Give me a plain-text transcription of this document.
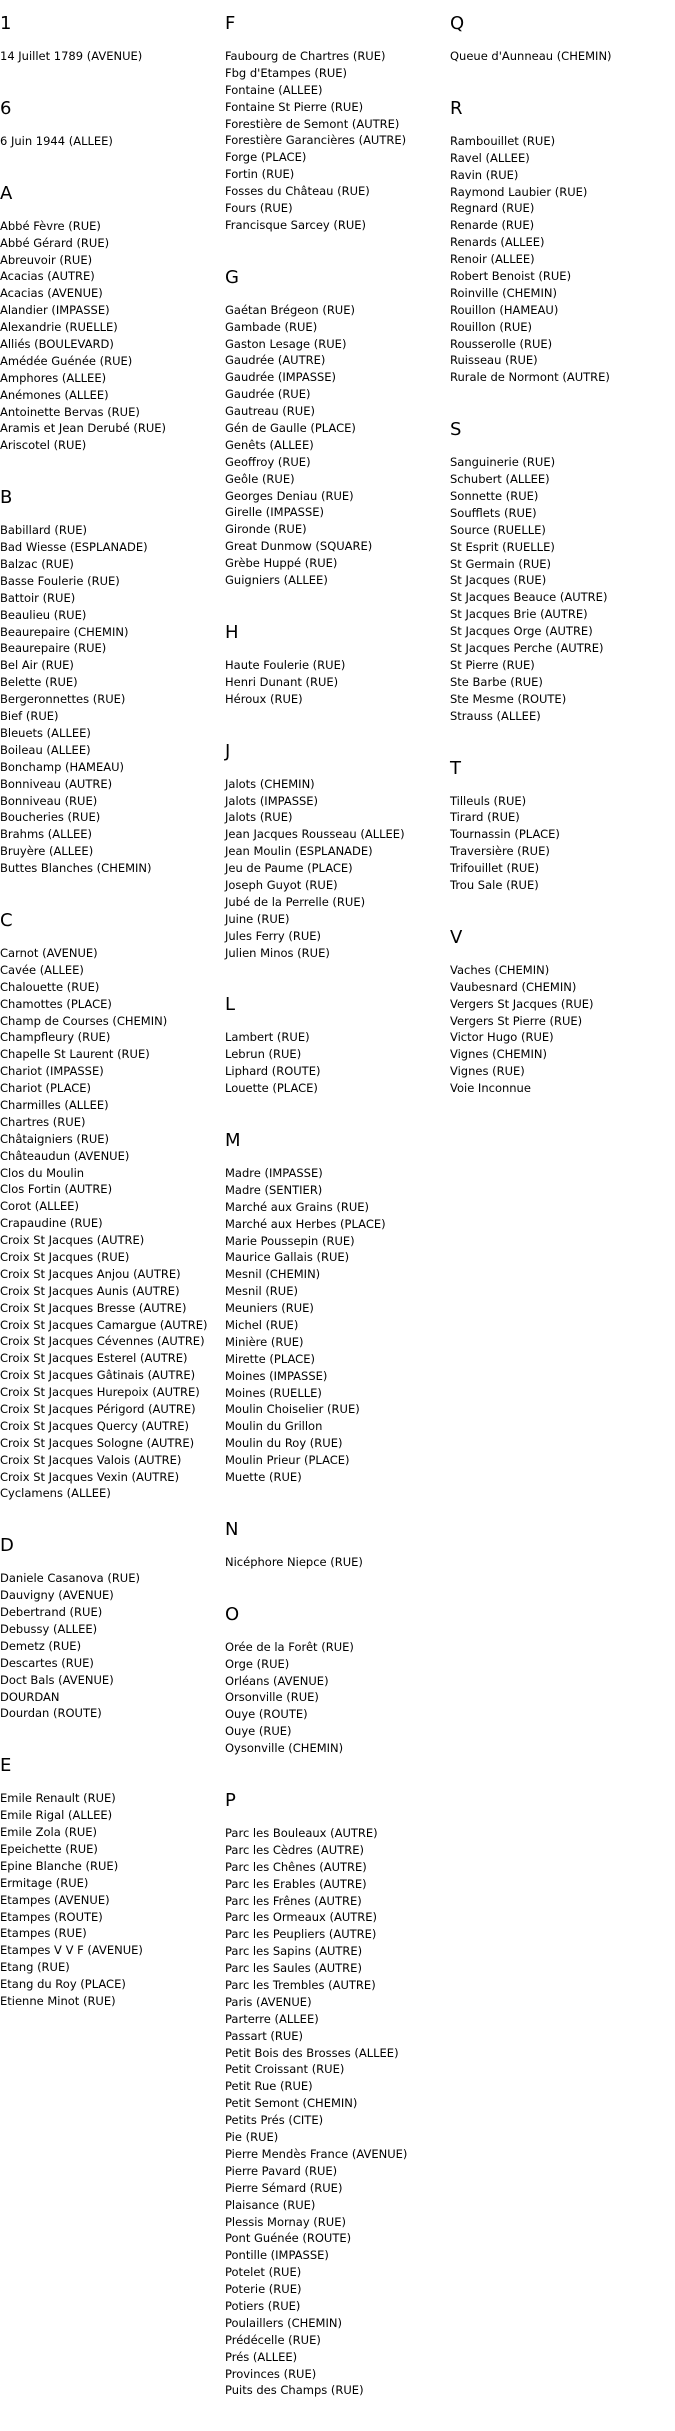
1
14 Juillet 1789 (AVENUE)
6
6 Juin 1944 (ALLEE)
A
Abbé Fèvre (RUE)
Abbé Gérard (RUE)
Abreuvoir (RUE)
Acacias (AUTRE)
Acacias (AVENUE)
Alandier (IMPASSE)
Alexandrie (RUELLE)
Alliés (BOULEVARD)
Amédée Guénée (RUE)
Amphores (ALLEE)
Anémones (ALLEE)
Antoinette Bervas (RUE)
Aramis et Jean Derubé (RUE)
Ariscotel (RUE)
B
Babillard (RUE)
Bad Wiesse (ESPLANADE)
Balzac (RUE)
Basse Foulerie (RUE)
Battoir (RUE)
Beaulieu (RUE)
Beaurepaire (CHEMIN)
Beaurepaire (RUE)
Bel Air (RUE)
Belette (RUE)
Bergeronnettes (RUE)
Bief (RUE)
Bleuets (ALLEE)
Boileau (ALLEE)
Bonchamp (HAMEAU)
Bonniveau (AUTRE)
Bonniveau (RUE)
Boucheries (RUE)
Brahms (ALLEE)
Bruyère (ALLEE)
Buttes Blanches (CHEMIN)
C
Carnot (AVENUE)
Cavée (ALLEE)
Chalouette (RUE)
Chamottes (PLACE)
Champ de Courses (CHEMIN)
Champfleury (RUE)
Chapelle St Laurent (RUE)
Chariot (IMPASSE)
Chariot (PLACE)
Charmilles (ALLEE)
Chartres (RUE)
Châtaigniers (RUE)
Châteaudun (AVENUE)
Clos du Moulin
Clos Fortin (AUTRE)
Corot (ALLEE)
Crapaudine (RUE)
Croix St Jacques (AUTRE)
Croix St Jacques (RUE)
Croix St Jacques Anjou (AUTRE)
Croix St Jacques Aunis (AUTRE)
Croix St Jacques Bresse (AUTRE)
Croix St Jacques Camargue (AUTRE)
Croix St Jacques Cévennes (AUTRE)
Croix St Jacques Esterel (AUTRE)
Croix St Jacques Gâtinais (AUTRE)
Croix St Jacques Hurepoix (AUTRE)
Croix St Jacques Périgord (AUTRE)
Croix St Jacques Quercy (AUTRE)
Croix St Jacques Sologne (AUTRE)
Croix St Jacques Valois (AUTRE)
Croix St Jacques Vexin (AUTRE)
Cyclamens (ALLEE)
D
Daniele Casanova (RUE)
Dauvigny (AVENUE)
Debertrand (RUE)
Debussy (ALLEE)
Demetz (RUE)
Descartes (RUE)
Doct Bals (AVENUE)
DOURDAN
Dourdan (ROUTE)
E
Emile Renault (RUE)
Emile Rigal (ALLEE)
Emile Zola (RUE)
Epeichette (RUE)
Epine Blanche (RUE)
Ermitage (RUE)
Etampes (AVENUE)
Etampes (ROUTE)
Etampes (RUE)
Etampes V V F (AVENUE)
Etang (RUE)
Etang du Roy (PLACE)
Etienne Minot (RUE)
F
Faubourg de Chartres (RUE)
Fbg d'Etampes (RUE)
Fontaine (ALLEE)
Fontaine St Pierre (RUE)
Forestière de Semont (AUTRE)
Forestière Garancières (AUTRE)
Forge (PLACE)
Fortin (RUE)
Fosses du Château (RUE)
Fours (RUE)
Francisque Sarcey (RUE)
G
Gaétan Brégeon (RUE)
Gambade (RUE)
Gaston Lesage (RUE)
Gaudrée (AUTRE)
Gaudrée (IMPASSE)
Gaudrée (RUE)
Gautreau (RUE)
Gén de Gaulle (PLACE)
Genêts (ALLEE)
Geoffroy (RUE)
Geôle (RUE)
Georges Deniau (RUE)
Girelle (IMPASSE)
Gironde (RUE)
Great Dunmow (SQUARE)
Grèbe Huppé (RUE)
Guigniers (ALLEE)
H
Haute Foulerie (RUE)
Henri Dunant (RUE)
Héroux (RUE)
J
Jalots (CHEMIN)
Jalots (IMPASSE)
Jalots (RUE)
Jean Jacques Rousseau (ALLEE)
Jean Moulin (ESPLANADE)
Jeu de Paume (PLACE)
Joseph Guyot (RUE)
Jubé de la Perrelle (RUE)
Juine (RUE)
Jules Ferry (RUE)
Julien Minos (RUE)
L
Lambert (RUE)
Lebrun (RUE)
Liphard (ROUTE)
Louette (PLACE)
M
Madre (IMPASSE)
Madre (SENTIER)
Marché aux Grains (RUE)
Marché aux Herbes (PLACE)
Marie Poussepin (RUE)
Maurice Gallais (RUE)
Mesnil (CHEMIN)
Mesnil (RUE)
Meuniers (RUE)
Michel (RUE)
Minière (RUE)
Mirette (PLACE)
Moines (IMPASSE)
Moines (RUELLE)
Moulin Choiselier (RUE)
Moulin du Grillon
Moulin du Roy (RUE)
Moulin Prieur (PLACE)
Muette (RUE)
N
Nicéphore Niepce (RUE)
O
Orée de la Forêt (RUE)
Orge (RUE)
Orléans (AVENUE)
Orsonville (RUE)
Ouye (ROUTE)
Ouye (RUE)
Oysonville (CHEMIN)
P
Parc les Bouleaux (AUTRE)
Parc les Cèdres (AUTRE)
Parc les Chênes (AUTRE)
Parc les Erables (AUTRE)
Parc les Frênes (AUTRE)
Parc les Ormeaux (AUTRE)
Parc les Peupliers (AUTRE)
Parc les Sapins (AUTRE)
Parc les Saules (AUTRE)
Parc les Trembles (AUTRE)
Paris (AVENUE)
Parterre (ALLEE)
Passart (RUE)
Petit Bois des Brosses (ALLEE)
Petit Croissant (RUE)
Petit Rue (RUE)
Petit Semont (CHEMIN)
Petits Prés (CITE)
Pie (RUE)
Pierre Mendès France (AVENUE)
Pierre Pavard (RUE)
Pierre Sémard (RUE)
Plaisance (RUE)
Plessis Mornay (RUE)
Pont Guénée (ROUTE)
Pontille (IMPASSE)
Potelet (RUE)
Poterie (RUE)
Potiers (RUE)
Poulaillers (CHEMIN)
Prédécelle (RUE)
Prés (ALLEE)
Provinces (RUE)
Puits des Champs (RUE)
Q
Queue d'Aunneau (CHEMIN)
R
Rambouillet (RUE)
Ravel (ALLEE)
Ravin (RUE)
Raymond Laubier (RUE)
Regnard (RUE)
Renarde (RUE)
Renards (ALLEE)
Renoir (ALLEE)
Robert Benoist (RUE)
Roinville (CHEMIN)
Rouillon (HAMEAU)
Rouillon (RUE)
Rousserolle (RUE)
Ruisseau (RUE)
Rurale de Normont (AUTRE)
S
Sanguinerie (RUE)
Schubert (ALLEE)
Sonnette (RUE)
Soufflets (RUE)
Source (RUELLE)
St Esprit (RUELLE)
St Germain (RUE)
St Jacques (RUE)
St Jacques Beauce (AUTRE)
St Jacques Brie (AUTRE)
St Jacques Orge (AUTRE)
St Jacques Perche (AUTRE)
St Pierre (RUE)
Ste Barbe (RUE)
Ste Mesme (ROUTE)
Strauss (ALLEE)
T
Tilleuls (RUE)
Tirard (RUE)
Tournassin (PLACE)
Traversière (RUE)
Trifouillet (RUE)
Trou Sale (RUE)
V
Vaches (CHEMIN)
Vaubesnard (CHEMIN)
Vergers St Jacques (RUE)
Vergers St Pierre (RUE)
Victor Hugo (RUE)
Vignes (CHEMIN)
Vignes (RUE)
Voie Inconnue
